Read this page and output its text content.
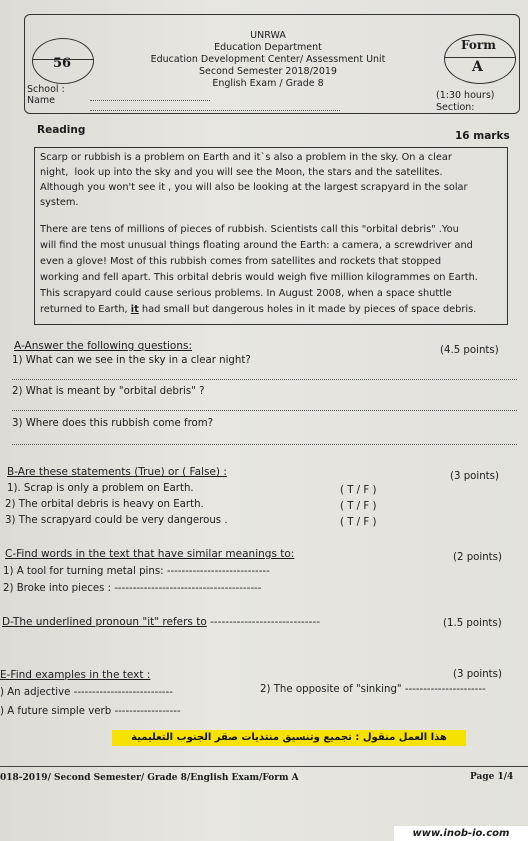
56
Form
A
UNRWA
Education Department
Education Development Center/ Assessment Unit
Second Semester 2018/2019
English Exam / Grade 8
School :
Name	(1:30 hours)
Section:
Reading	16 marks
Scarp or rubbish is a problem on Earth and it`s also a problem in the sky. On a clear
night,  look up into the sky and you will see the Moon, the stars and the satellites.
Although you won't see it , you will also be looking at the largest scrapyard in the solar
system.
There are tens of millions of pieces of rubbish. Scientists call this "orbital debris" .You
will find the most unusual things floating around the Earth: a camera, a screwdriver and
even a glove! Most of this rubbish comes from satellites and rockets that stopped
working and fell apart. This orbital debris would weigh five million kilogrammes on Earth.
This scrapyard could cause serious problems. In August 2008, when a space shuttle
returned to Earth, it had small but dangerous holes in it made by pieces of space debris.
A-Answer the following questions:	(4.5 points)
1) What can we see in the sky in a clear night?
2) What is meant by "orbital debris" ?
3) Where does this rubbish come from?
B-Are these statements (True) or ( False) :	(3 points)
1). Scrap is only a problem on Earth.	( T / F )
2) The orbital debris is heavy on Earth.	( T / F )
3) The scrapyard could be very dangerous .	( T / F )
C-Find words in the text that have similar meanings to:	(2 points)
1) A tool for turning metal pins: ----------------------------
2) Broke into pieces : ----------------------------------------
D-The underlined pronoun "it" refers to -----------------------------	(1.5 points)
E-Find examples in the text :	(3 points)
) An adjective ---------------------------	2) The opposite of "sinking" ----------------------
) A future simple verb ------------------
هذا العمل منقول : تجميع وتنسيق منتديات صقر الجنوب التعليمية
018-2019/ Second Semester/ Grade 8/English Exam/Form A	Page 1/4
www.inob-io.com
